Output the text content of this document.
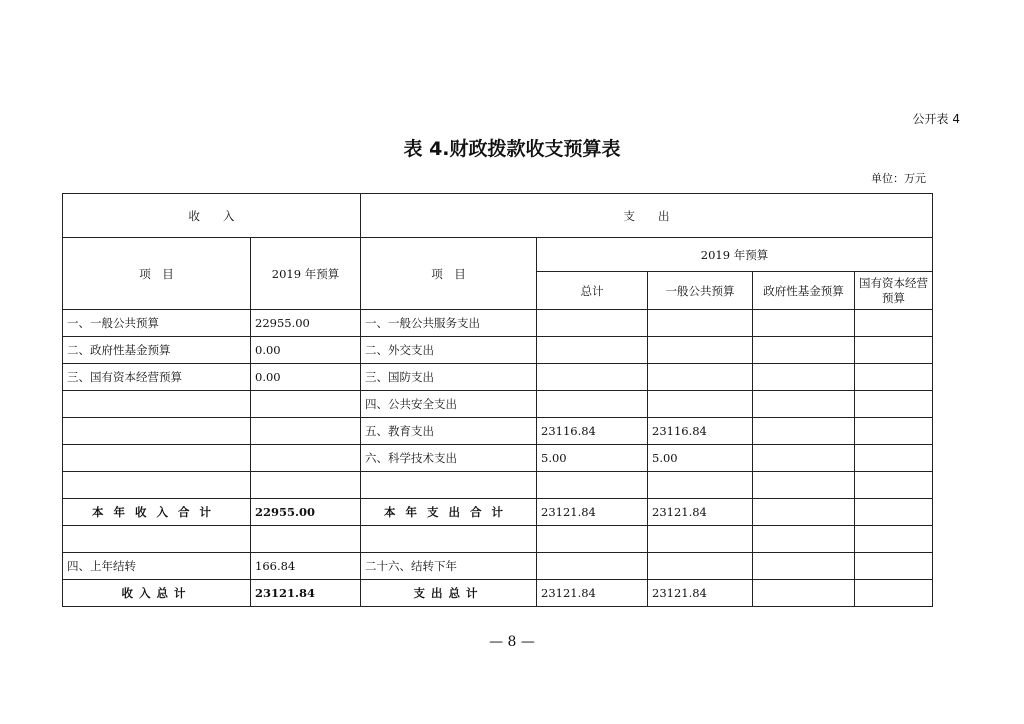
公开表 4
表 4.财政拨款收支预算表
单位：万元
收　　入		支　　出				
项　目	2019 年预算	项　目	2019 年预算			
			总计	一般公共预算	政府性基金预算	国有资本经营预算
一、一般公共预算	22955.00	一、一般公共服务支出				
二、政府性基金预算	0.00	二、外交支出				
三、国有资本经营预算	0.00	三、国防支出				
		四、公共安全支出				
		五、教育支出	23116.84	23116.84		
		六、科学技术支出	5.00	5.00		

本年收入合计	22955.00	本年支出合计	23121.84	23121.84		

四、上年结转	166.84	二十六、结转下年				
收入总计	23121.84	支出总计	23121.84	23121.84		
— 8 —
